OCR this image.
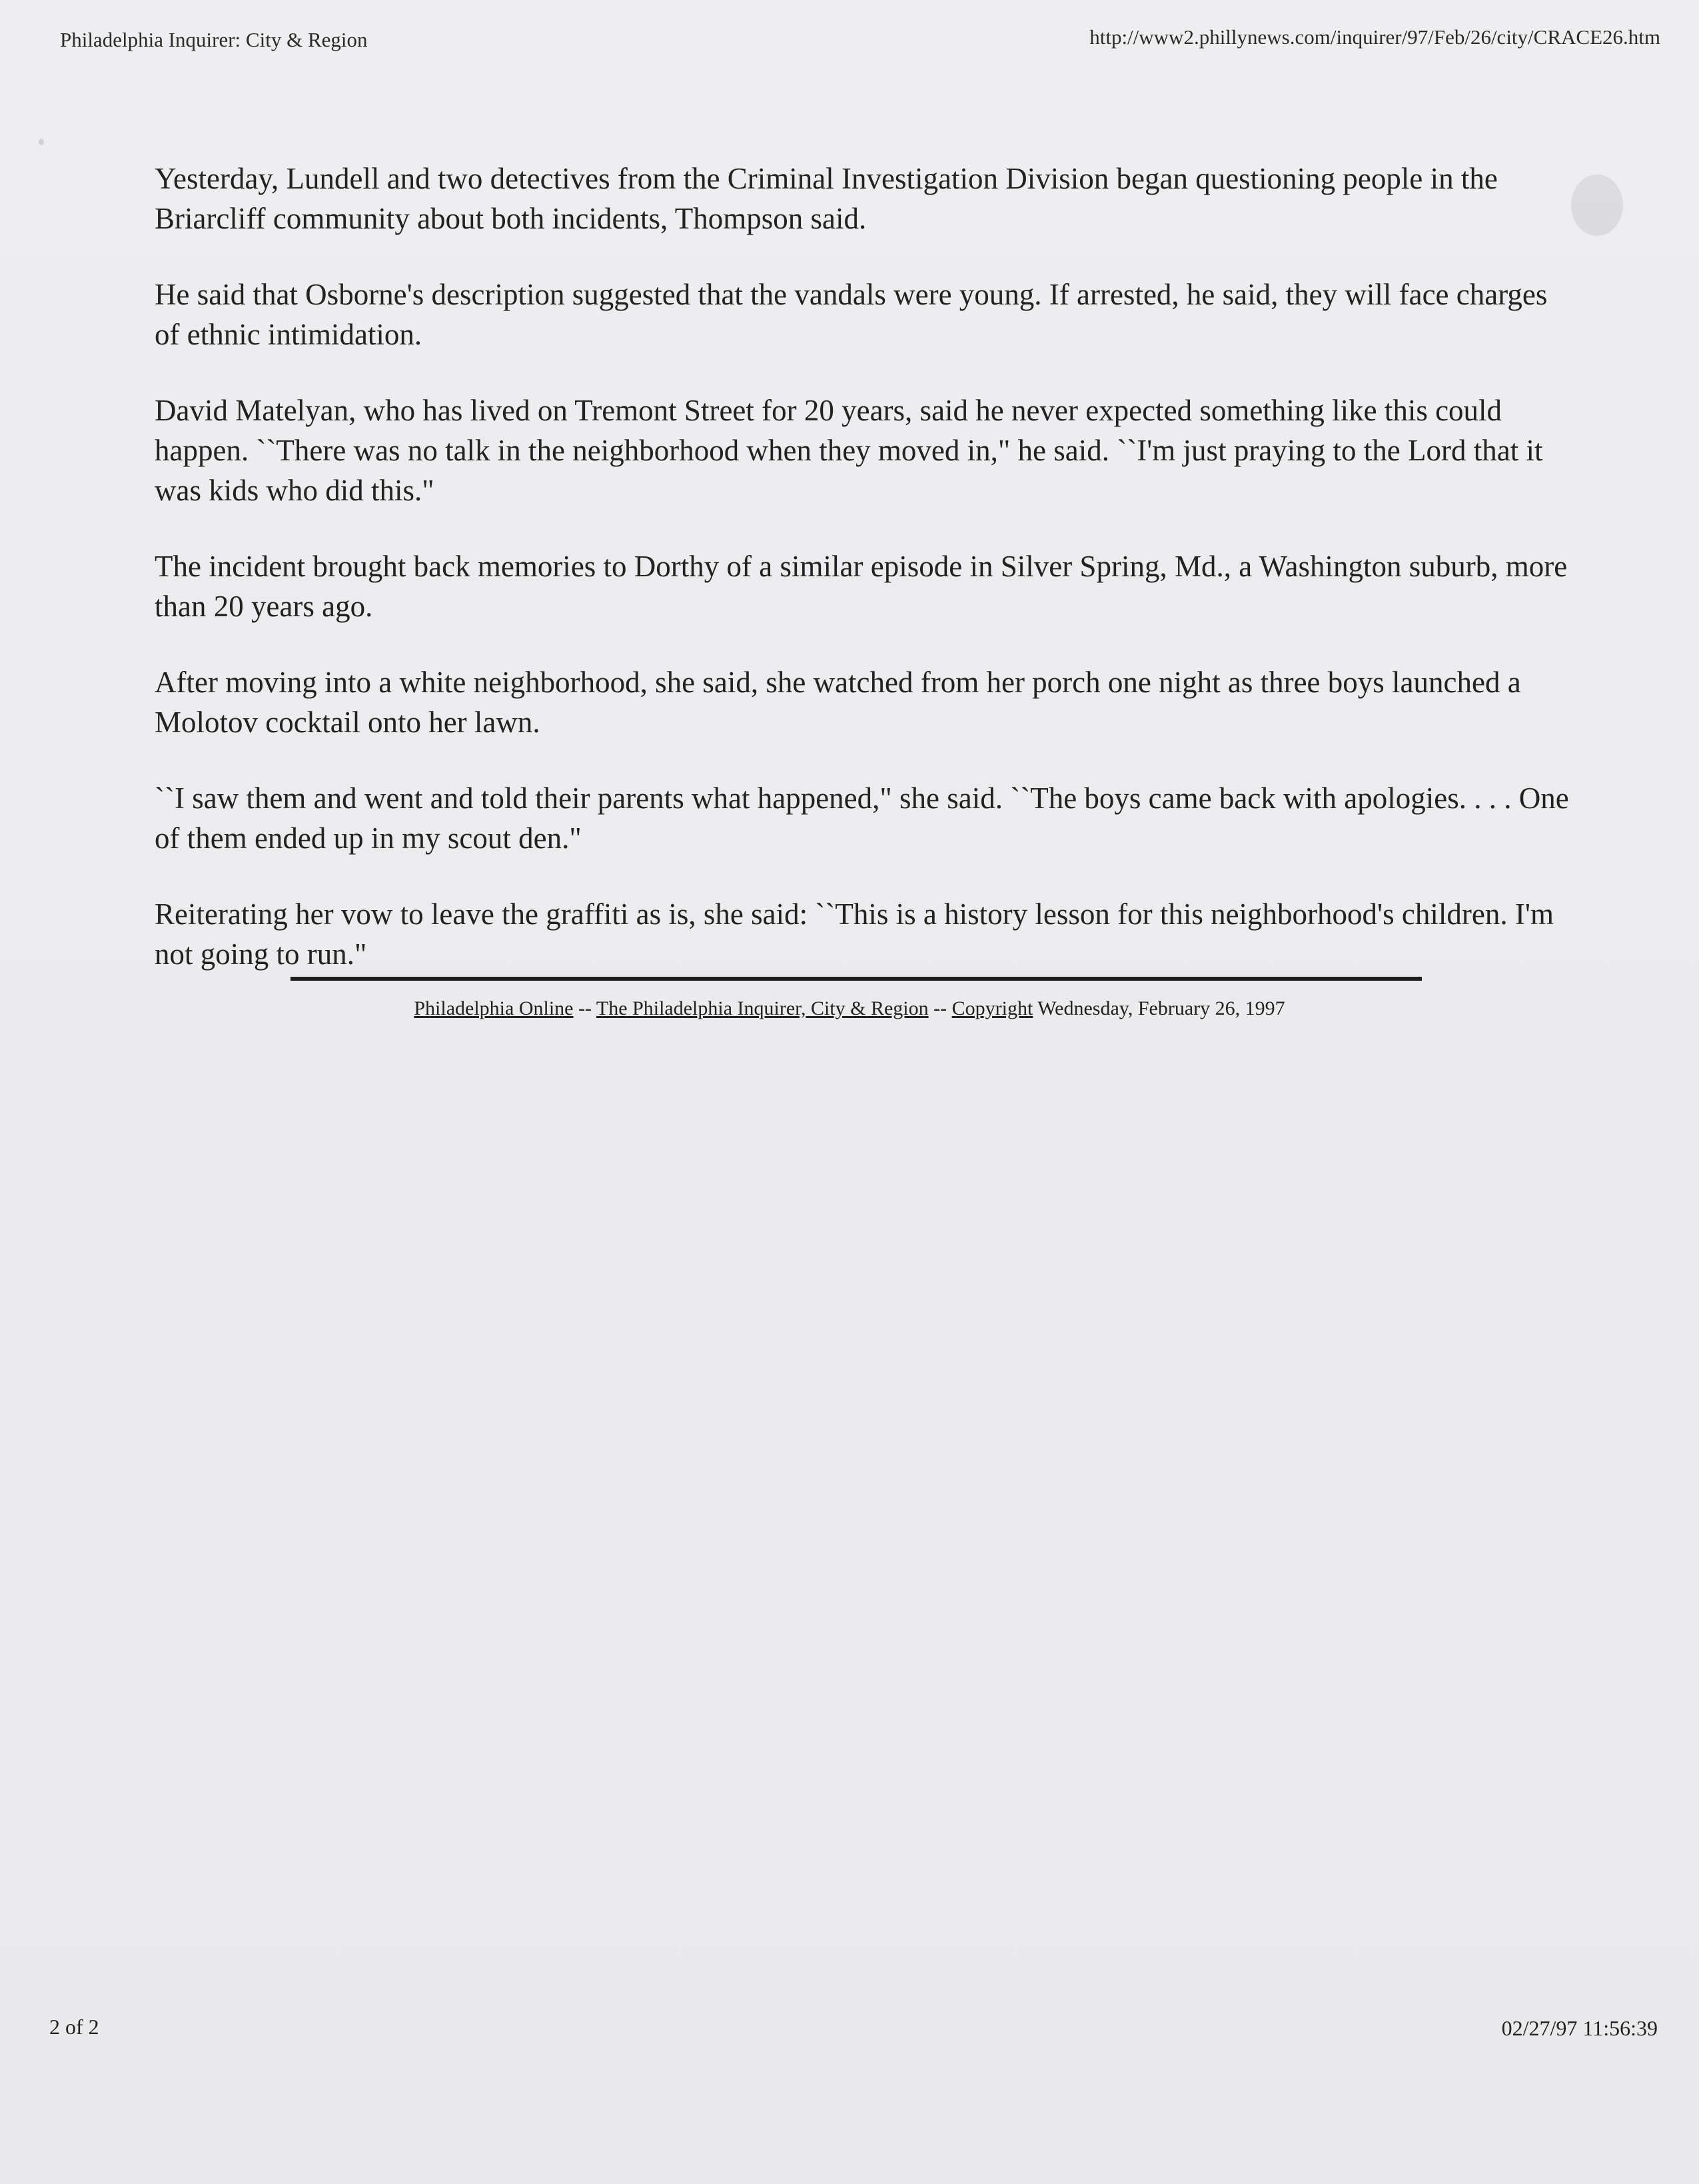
Philadelphia Inquirer: City & Region	http://www2.phillynews.com/inquirer/97/Feb/26/city/CRACE26.htm

Yesterday, Lundell and two detectives from the Criminal Investigation Division began questioning people in the Briarcliff community about both incidents, Thompson said.

He said that Osborne's description suggested that the vandals were young. If arrested, he said, they will face charges of ethnic intimidation.

David Matelyan, who has lived on Tremont Street for 20 years, said he never expected something like this could happen. ``There was no talk in the neighborhood when they moved in," he said. ``I'm just praying to the Lord that it was kids who did this."

The incident brought back memories to Dorthy of a similar episode in Silver Spring, Md., a Washington suburb, more than 20 years ago.

After moving into a white neighborhood, she said, she watched from her porch one night as three boys launched a Molotov cocktail onto her lawn.

``I saw them and went and told their parents what happened," she said. ``The boys came back with apologies. . . . One of them ended up in my scout den."

Reiterating her vow to leave the graffiti as is, she said: ``This is a history lesson for this neighborhood's children. I'm not going to run."

Philadelphia Online -- The Philadelphia Inquirer, City & Region -- Copyright Wednesday, February 26, 1997
2 of 2	02/27/97 11:56:39
